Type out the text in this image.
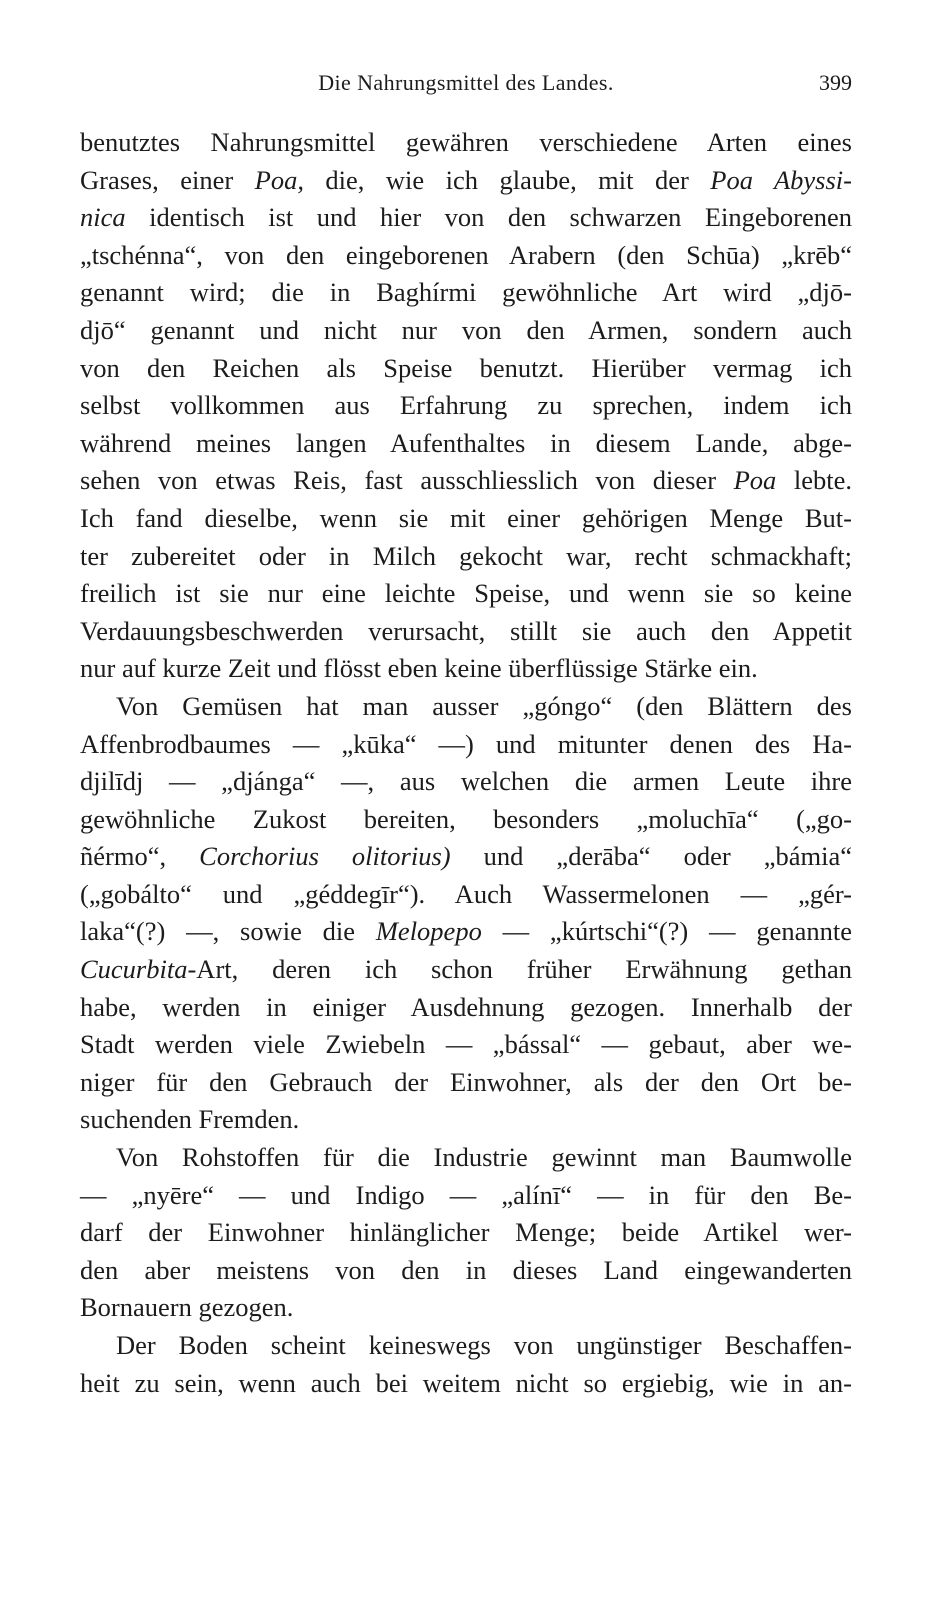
Die Nahrungsmittel des Landes.	399
benutztes Nahrungsmittel gewähren verschiedene Arten eines
Grases, einer Poa, die, wie ich glaube, mit der Poa Abyssi-
nica identisch ist und hier von den schwarzen Eingeborenen
„tschénna“, von den eingeborenen Arabern (den Schūa) „krēb“
genannt wird; die in Baghírmi gewöhnliche Art wird „djō-
djō“ genannt und nicht nur von den Armen, sondern auch
von den Reichen als Speise benutzt. Hierüber vermag ich
selbst vollkommen aus Erfahrung zu sprechen, indem ich
während meines langen Aufenthaltes in diesem Lande, abge-
sehen von etwas Reis, fast ausschliesslich von dieser Poa lebte.
Ich fand dieselbe, wenn sie mit einer gehörigen Menge But-
ter zubereitet oder in Milch gekocht war, recht schmackhaft;
freilich ist sie nur eine leichte Speise, und wenn sie so keine
Verdauungsbeschwerden verursacht, stillt sie auch den Appetit
nur auf kurze Zeit und flösst eben keine überflüssige Stärke ein.
Von Gemüsen hat man ausser „góngo“ (den Blättern des
Affenbrodbaumes — „kūka“ —) und mitunter denen des Ha-
djilīdj — „djánga“ —, aus welchen die armen Leute ihre
gewöhnliche Zukost bereiten, besonders „moluchīa“ („go-
ñérmo“, Corchorius olitorius) und „derāba“ oder „bámia“
(„gobálto“ und „géddegīr“). Auch Wassermelonen — „gér-
laka“(?) —, sowie die Melopepo — „kúrtschi“(?) — genannte
Cucurbita-Art, deren ich schon früher Erwähnung gethan
habe, werden in einiger Ausdehnung gezogen. Innerhalb der
Stadt werden viele Zwiebeln — „bással“ — gebaut, aber we-
niger für den Gebrauch der Einwohner, als der den Ort be-
suchenden Fremden.
Von Rohstoffen für die Industrie gewinnt man Baumwolle
— „nyēre“ — und Indigo — „alínī“ — in für den Be-
darf der Einwohner hinlänglicher Menge; beide Artikel wer-
den aber meistens von den in dieses Land eingewanderten
Bornauern gezogen.
Der Boden scheint keineswegs von ungünstiger Beschaffen-
heit zu sein, wenn auch bei weitem nicht so ergiebig, wie in an-
